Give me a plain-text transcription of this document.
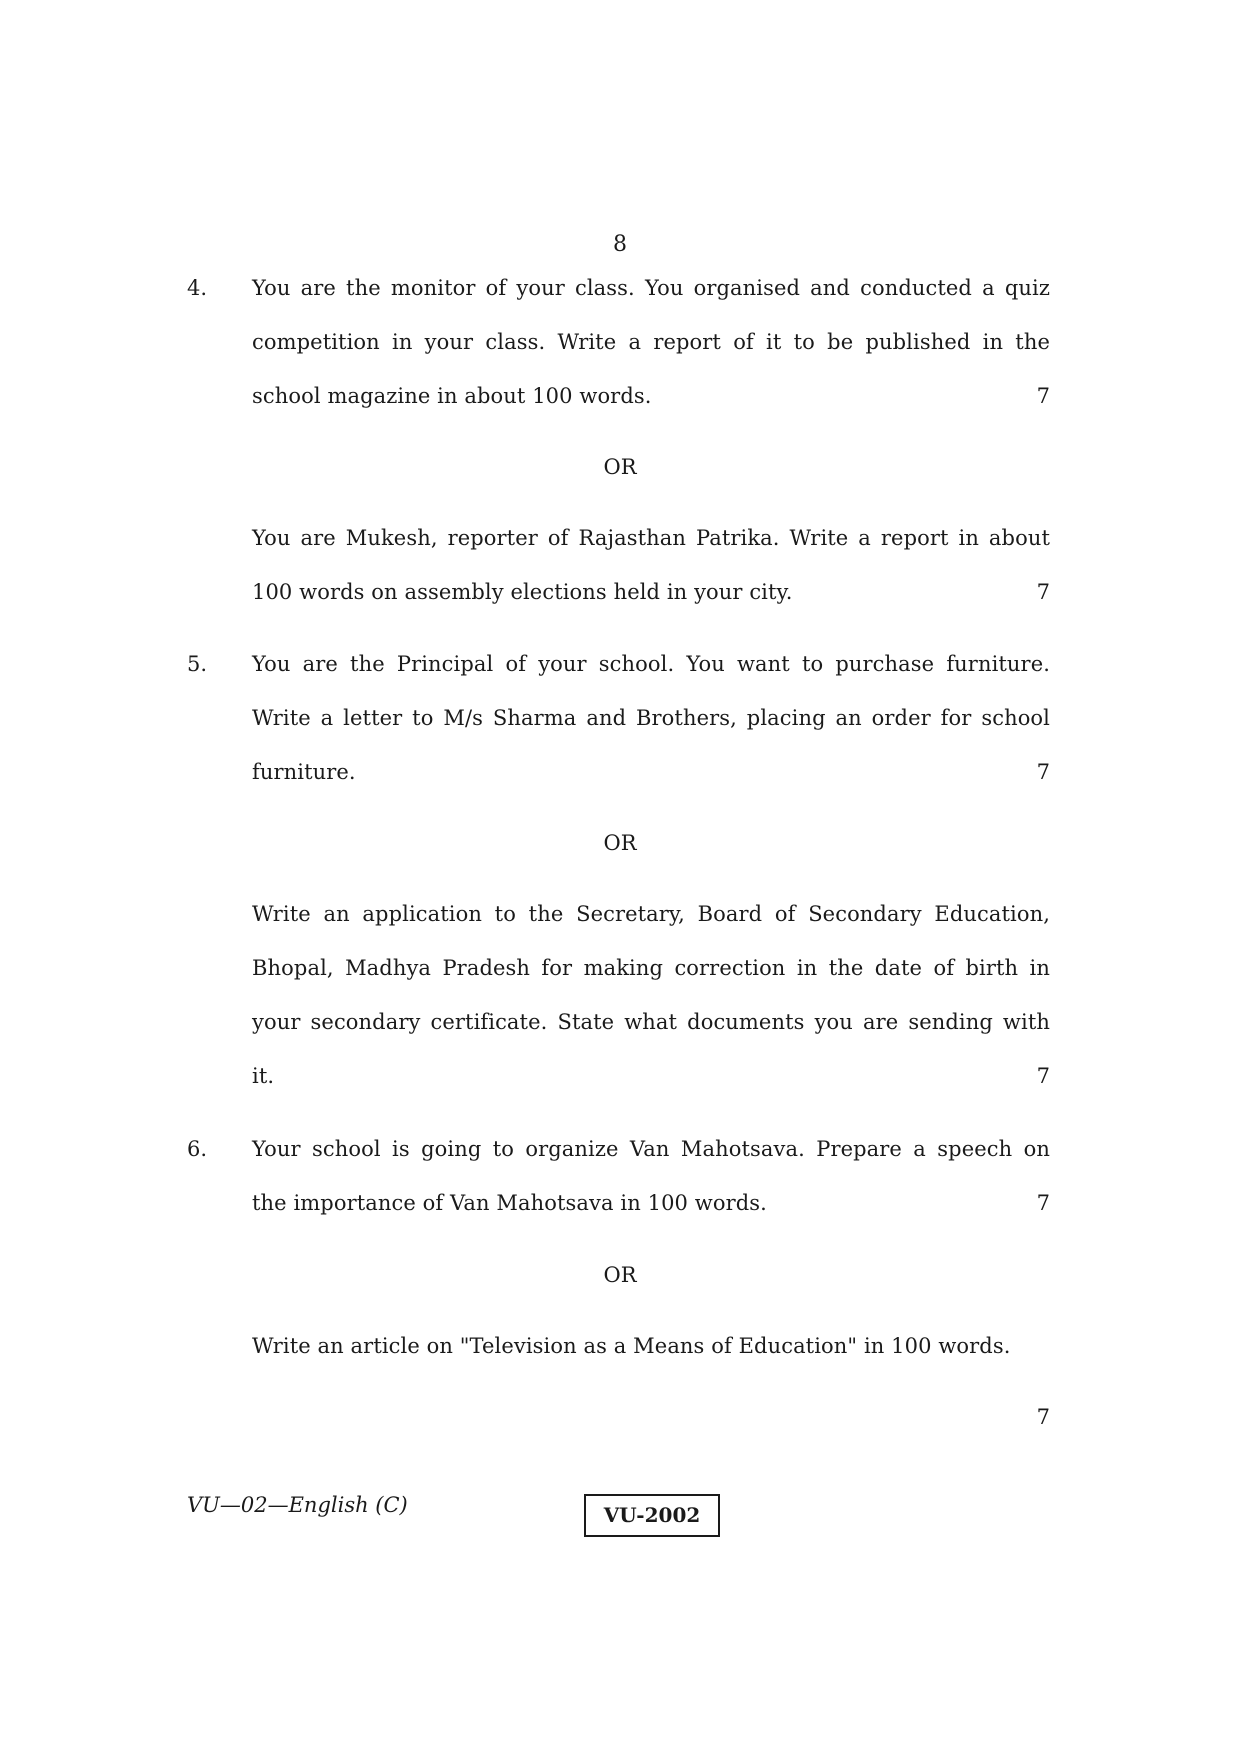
8
4. You are the monitor of your class. You organised and conducted a quiz
competition in your class. Write a report of it to be published in the
school magazine in about 100 words.	7
OR
You are Mukesh, reporter of Rajasthan Patrika. Write a report in about
100 words on assembly elections held in your city.	7
5. You are the Principal of your school. You want to purchase furniture.
Write a letter to M/s Sharma and Brothers, placing an order for school
furniture.	7
OR
Write an application to the Secretary, Board of Secondary Education,
Bhopal, Madhya Pradesh for making correction in the date of birth in
your secondary certificate. State what documents you are sending with
it.	7
6. Your school is going to organize Van Mahotsava. Prepare a speech on
the importance of Van Mahotsava in 100 words.	7
OR
Write an article on "Television as a Means of Education" in 100 words.
7
VU—02—English (C)	VU-2002
